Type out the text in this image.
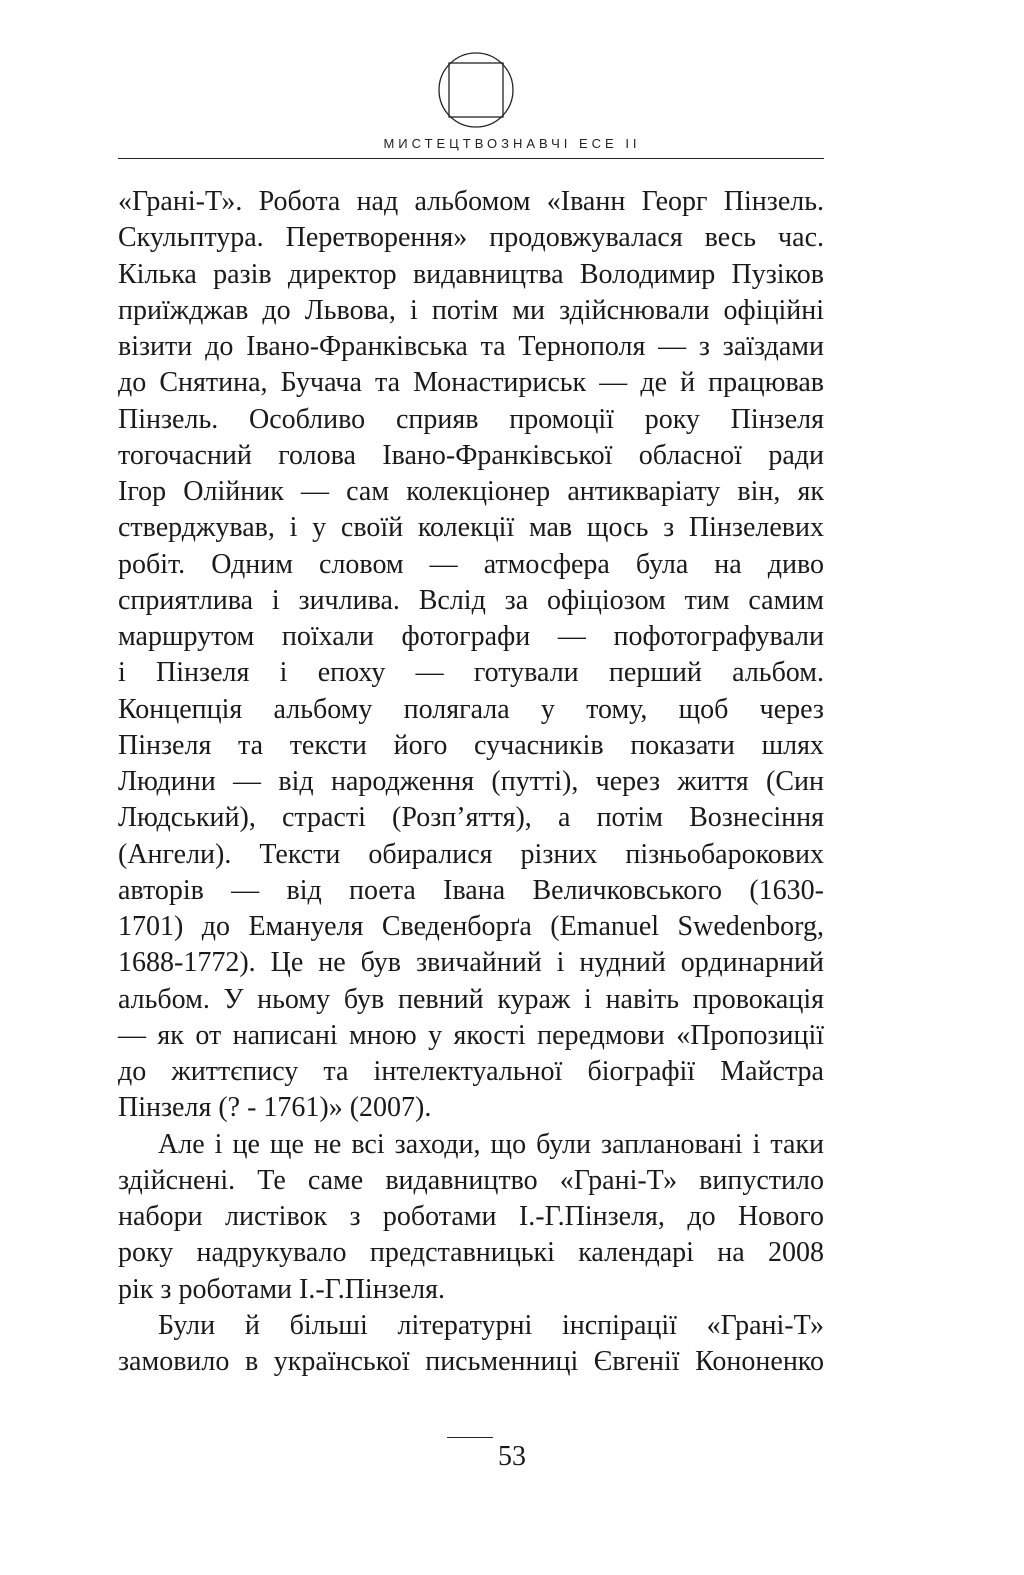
МИСТЕЦТВОЗНАВЧІ ЕСЕ II
«Грані-Т». Робота над альбомом «Іванн Георг Пінзель.
Скульптура. Перетворення» продовжувалася весь час.
Кілька разів директор видавництва Володимир Пузіков
приїжджав до Львова, і потім ми здійснювали офіційні
візити до Івано-Франківська та Тернополя — з заїздами
до Снятина, Бучача та Монастириськ — де й працював
Пінзель. Особливо сприяв промоції року Пінзеля
тогочасний голова Івано-Франківської обласної ради
Ігор Олійник — сам колекціонер антикваріату він, як
стверджував, і у своїй колекції мав щось з Пінзелевих
робіт. Одним словом — атмосфера була на диво
сприятлива і зичлива. Вслід за офіціозом тим самим
маршрутом поїхали фотографи — пофотографували
і Пінзеля і епоху — готували перший альбом.
Концепція альбому полягала у тому, щоб через
Пінзеля та тексти його сучасників показати шлях
Людини — від народження (путті), через життя (Син
Людський), страсті (Розп’яття), а потім Вознесіння
(Ангели). Тексти обиралися різних пізньобарокових
авторів — від поета Івана Величковського (1630-
1701) до Емануеля Сведенборґа (Emanuel Swedenborg,
1688-1772). Це не був звичайний і нудний ординарний
альбом. У ньому був певний кураж і навіть провокація
— як от написані мною у якості передмови «Пропозиції
до життєпису та інтелектуальної біографії Майстра
Пінзеля (? - 1761)» (2007).
Але і це ще не всі заходи, що були заплановані і таки
здійснені. Те саме видавництво «Грані-Т» випустило
набори листівок з роботами І.-Г.Пінзеля, до Нового
року надрукувало представницькі календарі на 2008
рік з роботами І.-Г.Пінзеля.
Були й більші літературні інспірації «Грані-Т»
замовило в української письменниці Євгенії Кононенко
53
